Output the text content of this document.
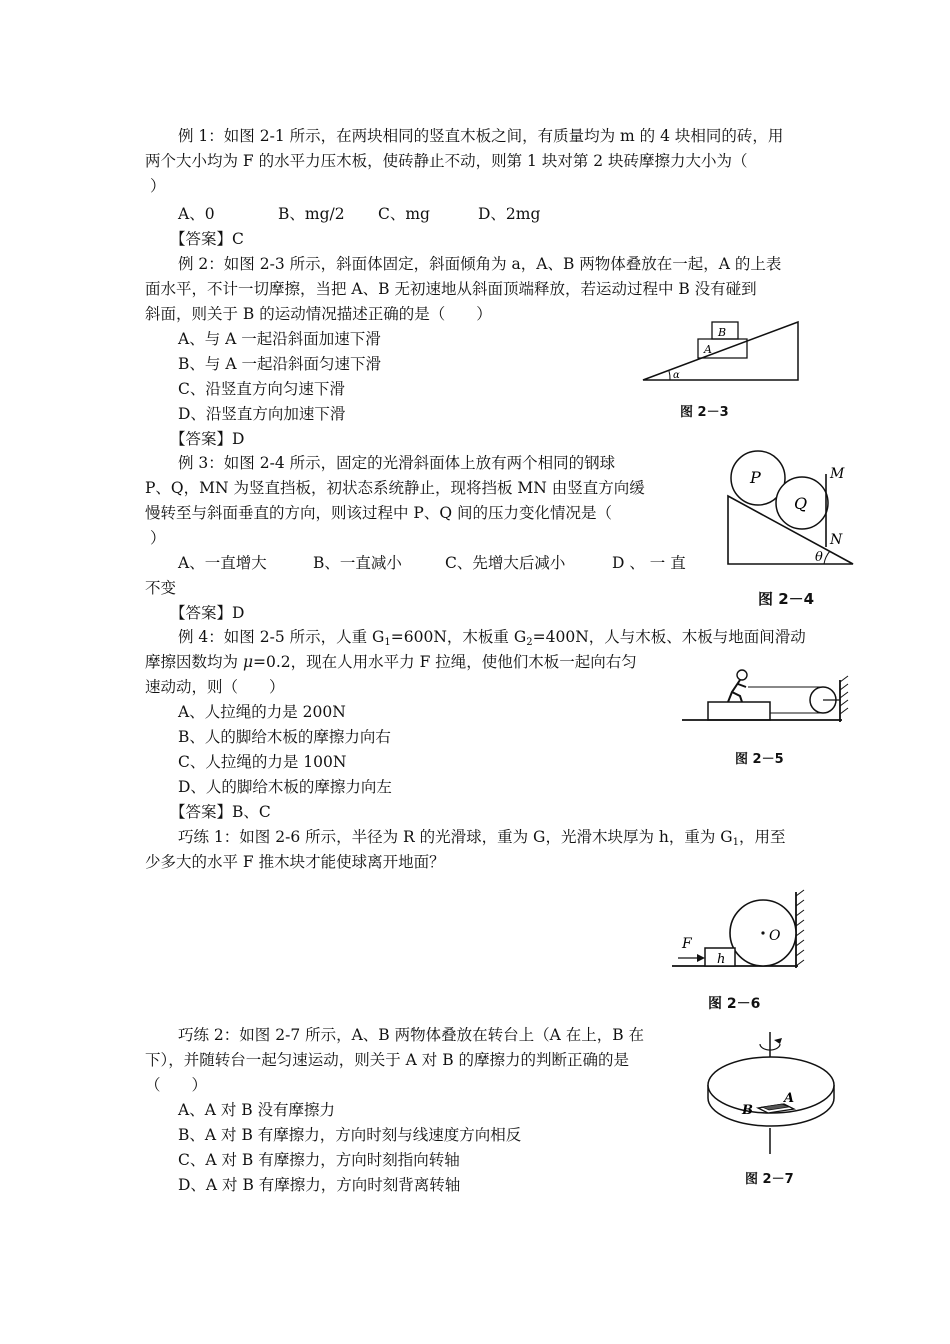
例 1：如图 2-1 所示，在两块相同的竖直木板之间，有质量均为 m 的 4 块相同的砖，用
两个大小均为 F 的水平力压木板，使砖静止不动，则第 1 块对第 2 块砖摩擦力大小为（
）
A、0	B、mg/2 C、mg	D、2mg
【答案】C
例 2：如图 2-3 所示，斜面体固定，斜面倾角为 a，A、B 两物体叠放在一起，A 的上表
面水平，不计一切摩擦，当把 A、B 无初速地从斜面顶端释放，若运动过程中 B 没有碰到
斜面，则关于 B 的运动情况描述正确的是（　　）
A、与 A 一起沿斜面加速下滑
B、与 A 一起沿斜面匀速下滑
C、沿竖直方向匀速下滑
D、沿竖直方向加速下滑
【答案】D
B
A
α
图 2－3
例 3：如图 2-4 所示，固定的光滑斜面体上放有两个相同的钢球
P、Q，MN 为竖直挡板，初状态系统静止，现将挡板 MN 由竖直方向缓
慢转至与斜面垂直的方向，则该过程中 P、Q 间的压力变化情况是（
）
A、一直增大	B、一直减小	C、先增大后减小	D 、 一 直
不变
【答案】D
P
Q
M
N
θ
图 2－4
例 4：如图 2-5 所示，人重 $G_1=600N$，木板重 $G_2=400N$，人与木板、木板与地面间滑动
摩擦因数均为 μ=0.2，现在人用水平力 F 拉绳，使他们木板一起向右匀
速动动，则（　　）
A、人拉绳的力是 200N
B、人的脚给木板的摩擦力向右
C、人拉绳的力是 100N
D、人的脚给木板的摩擦力向左
【答案】B、C
图 2－5
巧练 1：如图 2-6 所示，半径为 R 的光滑球，重为 G，光滑木块厚为 h，重为 $G_1$，用至
少多大的水平 F 推木块才能使球离开地面？
F
h
O
图 2－6
巧练 2：如图 2-7 所示，A、B 两物体叠放在转台上（A 在上，B 在
下），并随转台一起匀速运动，则关于 A 对 B 的摩擦力的判断正确的是
（　　）
A、A 对 B 没有摩擦力
B、A 对 B 有摩擦力，方向时刻与线速度方向相反
C、A 对 B 有摩擦力，方向时刻指向转轴
D、A 对 B 有摩擦力，方向时刻背离转轴
A
B
图 2－7
